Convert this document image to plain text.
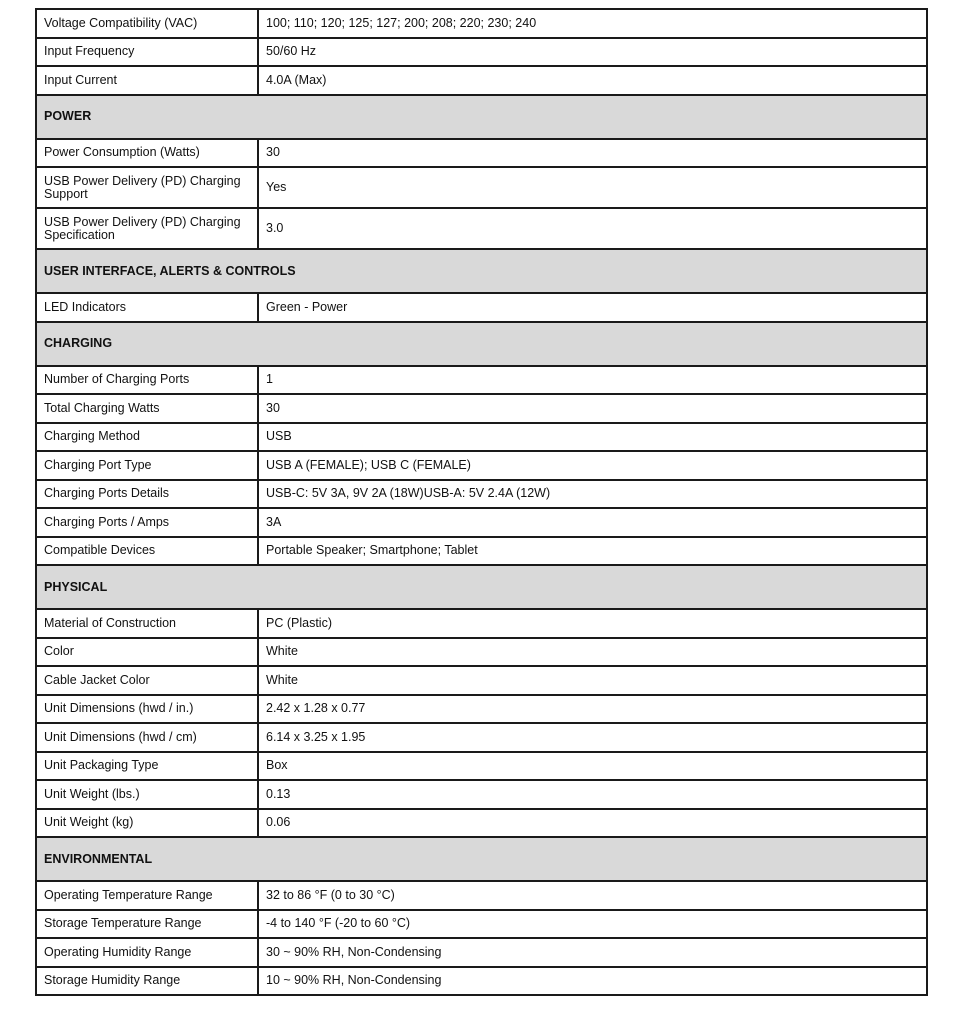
Voltage Compatibility (VAC)	100; 110; 120; 125; 127; 200; 208; 220; 230; 240
Input Frequency	50/60 Hz
Input Current	4.0A (Max)
POWER	
Power Consumption (Watts)	30
USB Power Delivery (PD) Charging Support	Yes
USB Power Delivery (PD) Charging Specification	3.0
USER INTERFACE, ALERTS & CONTROLS	
LED Indicators	Green - Power
CHARGING	
Number of Charging Ports	1
Total Charging Watts	30
Charging Method	USB
Charging Port Type	USB A (FEMALE); USB C (FEMALE)
Charging Ports Details	USB-C: 5V 3A, 9V 2A (18W)USB-A: 5V 2.4A (12W)
Charging Ports / Amps	3A
Compatible Devices	Portable Speaker; Smartphone; Tablet
PHYSICAL	
Material of Construction	PC (Plastic)
Color	White
Cable Jacket Color	White
Unit Dimensions (hwd / in.)	2.42 x 1.28 x 0.77
Unit Dimensions (hwd / cm)	6.14 x 3.25 x 1.95
Unit Packaging Type	Box
Unit Weight (lbs.)	0.13
Unit Weight (kg)	0.06
ENVIRONMENTAL	
Operating Temperature Range	32 to 86 °F (0 to 30 °C)
Storage Temperature Range	-4 to 140 °F (-20 to 60 °C)
Operating Humidity Range	30 ~ 90% RH, Non-Condensing
Storage Humidity Range	10 ~ 90% RH, Non-Condensing
